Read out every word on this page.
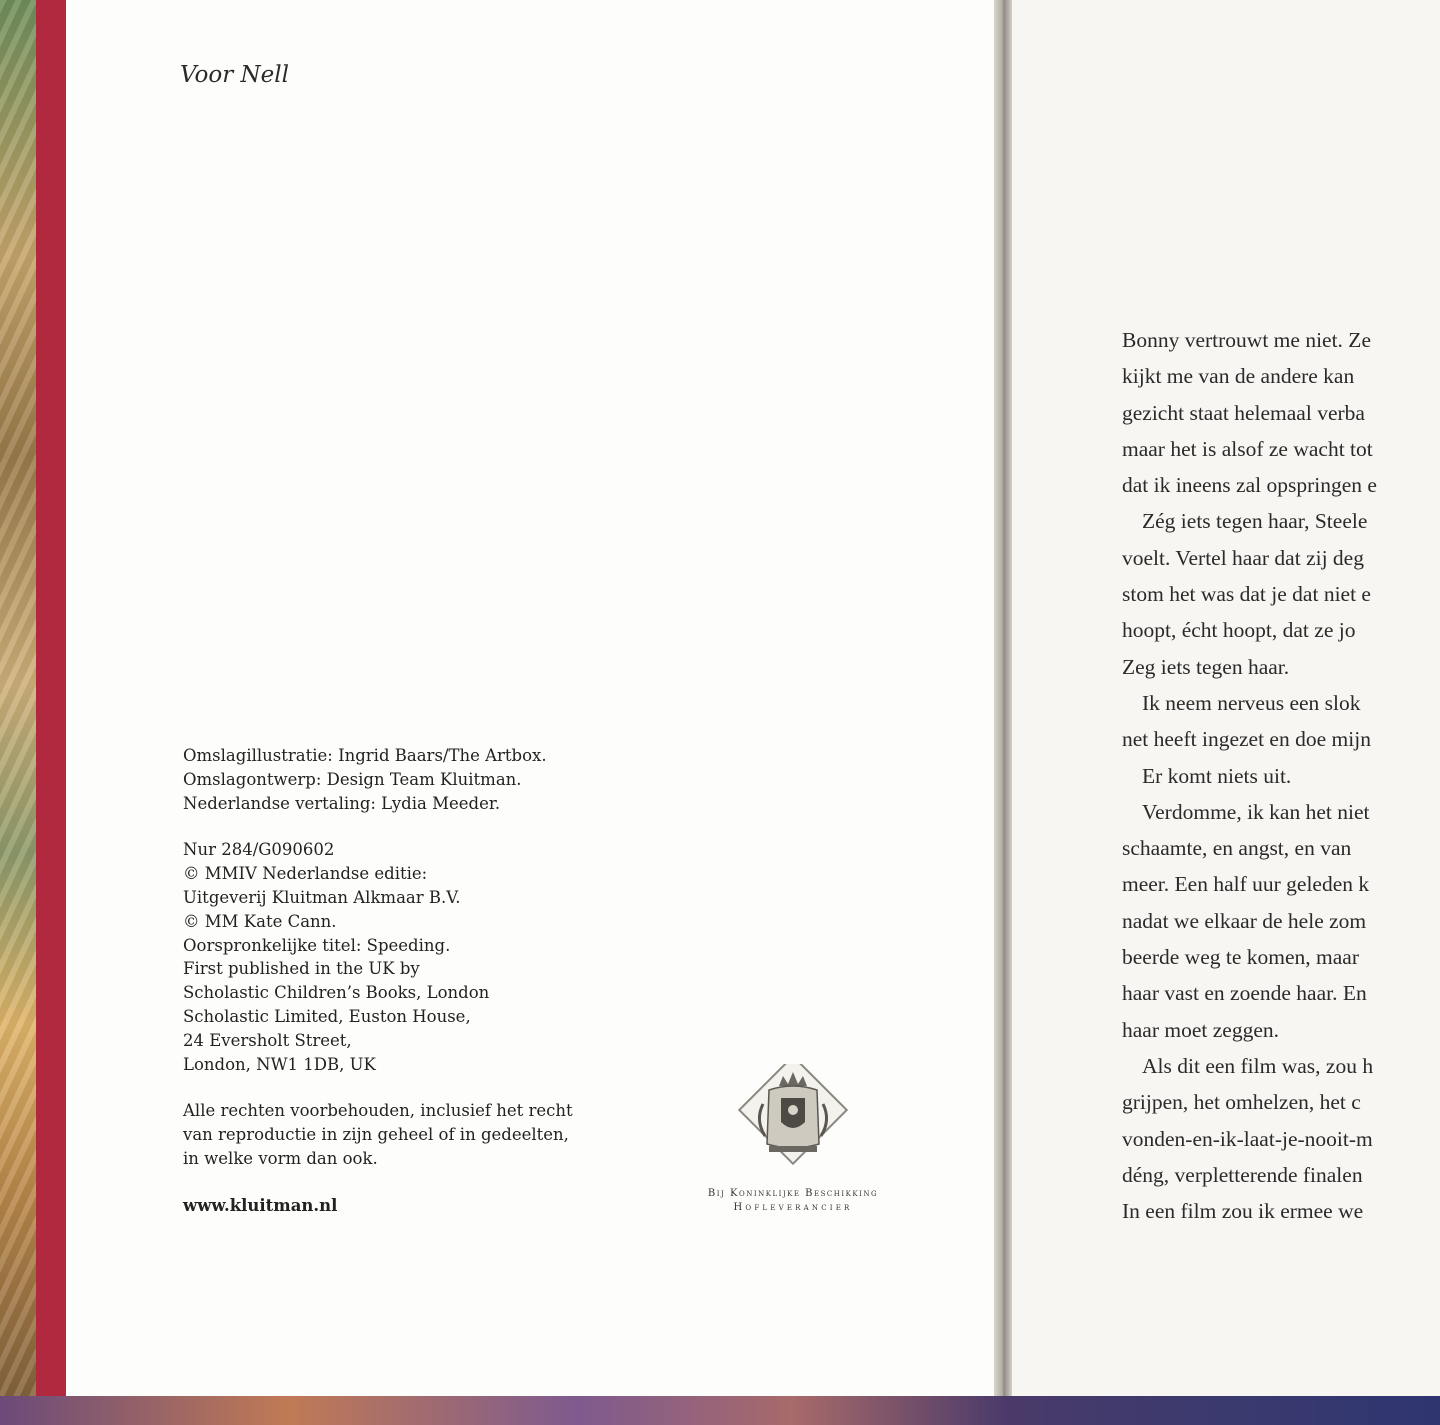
Voor Nell
Omslagillustratie: Ingrid Baars/The Artbox.
Omslagontwerp: Design Team Kluitman.
Nederlandse vertaling: Lydia Meeder.
Nur 284/G090602
© MMIV Nederlandse editie:
Uitgeverij Kluitman Alkmaar B.V.
© MM Kate Cann.
Oorspronkelijke titel: Speeding.
First published in the UK by
Scholastic Children’s Books, London
Scholastic Limited, Euston House,
24 Eversholt Street,
London, NW1 1DB, UK
Alle rechten voorbehouden, inclusief het recht
van reproductie in zijn geheel of in gedeelten,
in welke vorm dan ook.
www.kluitman.nl
Bij Koninklijke Beschikking
Hofleverancier
Bonny vertrouwt me niet. Ze
kijkt me van de andere kan
gezicht staat helemaal verba
maar het is alsof ze wacht tot
dat ik ineens zal opspringen e
Zég iets tegen haar, Steele
voelt. Vertel haar dat zij deg
stom het was dat je dat niet e
hoopt, écht hoopt, dat ze jo
Zeg iets tegen haar.
Ik neem nerveus een slok
net heeft ingezet en doe mijn
Er komt niets uit.
Verdomme, ik kan het niet
schaamte, en angst, en van
meer. Een half uur geleden k
nadat we elkaar de hele zom
beerde weg te komen, maar
haar vast en zoende haar. En
haar moet zeggen.
Als dit een film was, zou h
grijpen, het omhelzen, het c
vonden-en-ik-laat-je-nooit-m
déng, verpletterende finalen
In een film zou ik ermee we
